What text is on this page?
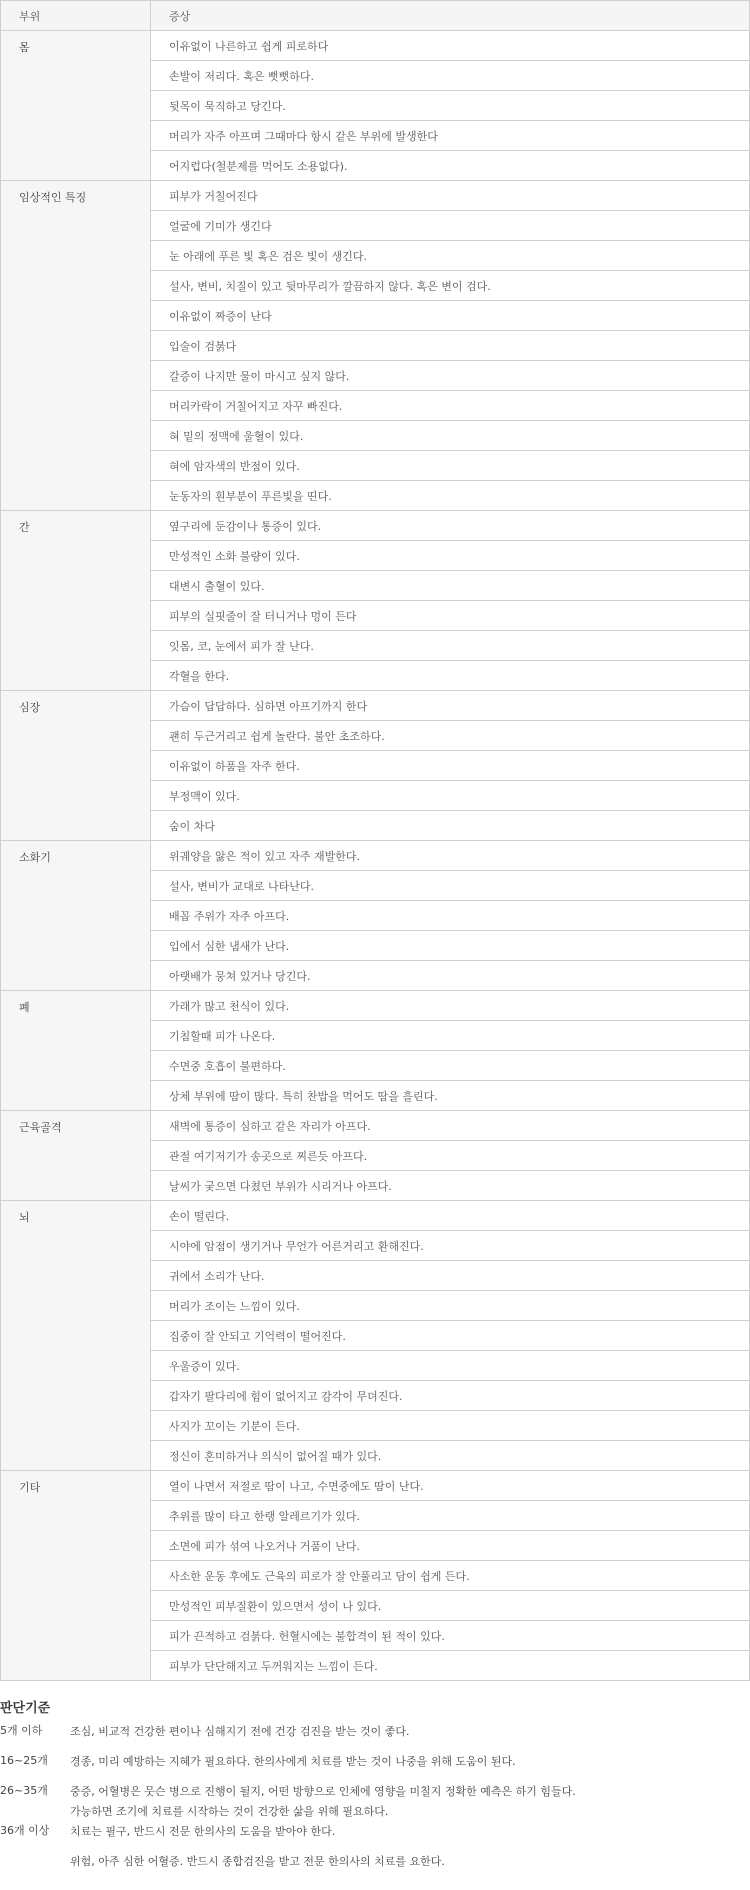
부위	증상
몸	이유없이 나른하고 쉽게 피로하다
	손발이 저리다. 혹은 뻣뻣하다.
	뒷목이 묵직하고 당긴다.
	머리가 자주 아프며 그때마다 항시 같은 부위에 발생한다
	어지럽다(철분제를 먹어도 소용없다).
임상적인 특징	피부가 거칠어진다
	얼굴에 기미가 생긴다
	눈 아래에 푸른 빛 혹은 검은 빛이 생긴다.
	설사, 변비, 치질이 있고 뒷마무리가 깔끔하지 않다. 혹은 변이 검다.
	이유없이 짜증이 난다
	입술이 검붉다
	갈증이 나지만 물이 마시고 싶지 않다.
	머리카락이 거칠어지고 자꾸 빠진다.
	혀 밑의 정맥에 울혈이 있다.
	혀에 암자색의 반점이 있다.
	눈동자의 흰부분이 푸른빛을 띤다.
간	옆구리에 둔감이나 통증이 있다.
	만성적인 소화 불량이 있다.
	대변시 출혈이 있다.
	피부의 실핏줄이 잘 터니거나 멍이 든다
	잇몸, 코, 눈에서 피가 잘 난다.
	각혈을 한다.
심장	가슴이 답답하다. 심하면 아프기까지 한다
	괜히 두근거리고 쉽게 놀란다. 불안 초조하다.
	이유없이 하품을 자주 한다.
	부정맥이 있다.
	숨이 차다
소화기	위궤양을 앓은 적이 있고 자주 재발한다.
	설사, 변비가 교대로 나타난다.
	배꼽 주위가 자주 아프다.
	입에서 심한 냄새가 난다.
	아랫배가 뭉쳐 있거나 당긴다.
폐	가래가 많고 천식이 있다.
	기침할때 피가 나온다.
	수면중 호흡이 불편하다.
	상체 부위에 땀이 많다. 특히 찬밥을 먹어도 땀을 흘린다.
근육골격	새벽에 통증이 심하고 같은 자리가 아프다.
	관절 여기저기가 송곳으로 찌른듯 아프다.
	날씨가 궂으면 다쳤던 부위가 시리거나 아프다.
뇌	손이 떨린다.
	시야에 암점이 생기거나 무언가 어른거리고 환해진다.
	귀에서 소리가 난다.
	머리가 조이는 느낌이 있다.
	집중이 잘 안되고 기억력이 떨어진다.
	우울증이 있다.
	갑자기 팔다리에 힘이 없어지고 감각이 무뎌진다.
	사지가 꼬이는 기분이 든다.
	정신이 혼미하거나 의식이 없어질 때가 있다.
기타	열이 나면서 저절로 땀이 나고, 수면중에도 땀이 난다.
	추위를 많이 타고 한랭 알레르기가 있다.
	소면에 피가 섞여 나오거나 거품이 난다.
	사소한 운동 후에도 근육의 피로가 잘 안풀리고 담이 쉽게 든다.
	만성적인 피부질환이 있으면서 성이 나 있다.
	피가 끈적하고 검붉다. 헌혈시에는 불합격이 된 적이 있다.
	피부가 단단해지고 두꺼워지는 느낌이 든다.
판단기준
5개 이하	조심, 비교적 건강한 편이나 심해지기 전에 건강 검진을 받는 것이 좋다.
16~25개	경종, 미리 예방하는 지혜가 필요하다. 한의사에게 치료를 받는 것이 나중을 위해 도움이 된다.
26~35개	중증, 어혈병은 뭇슨 병으로 진행이 될지, 어떤 방향으로 인체에 영향을 미칠지 정확한 예측은 하기 힘들다.
가능하면 조기에 치료를 시작하는 것이 건강한 삶을 위해 필요하다.
36개 이상	치료는 필구, 반드시 전문 한의사의 도움을 받아야 한다.
위험, 아주 심한 어혈증. 반드시 종합검진을 받고 전문 한의사의 치료를 요한다.
